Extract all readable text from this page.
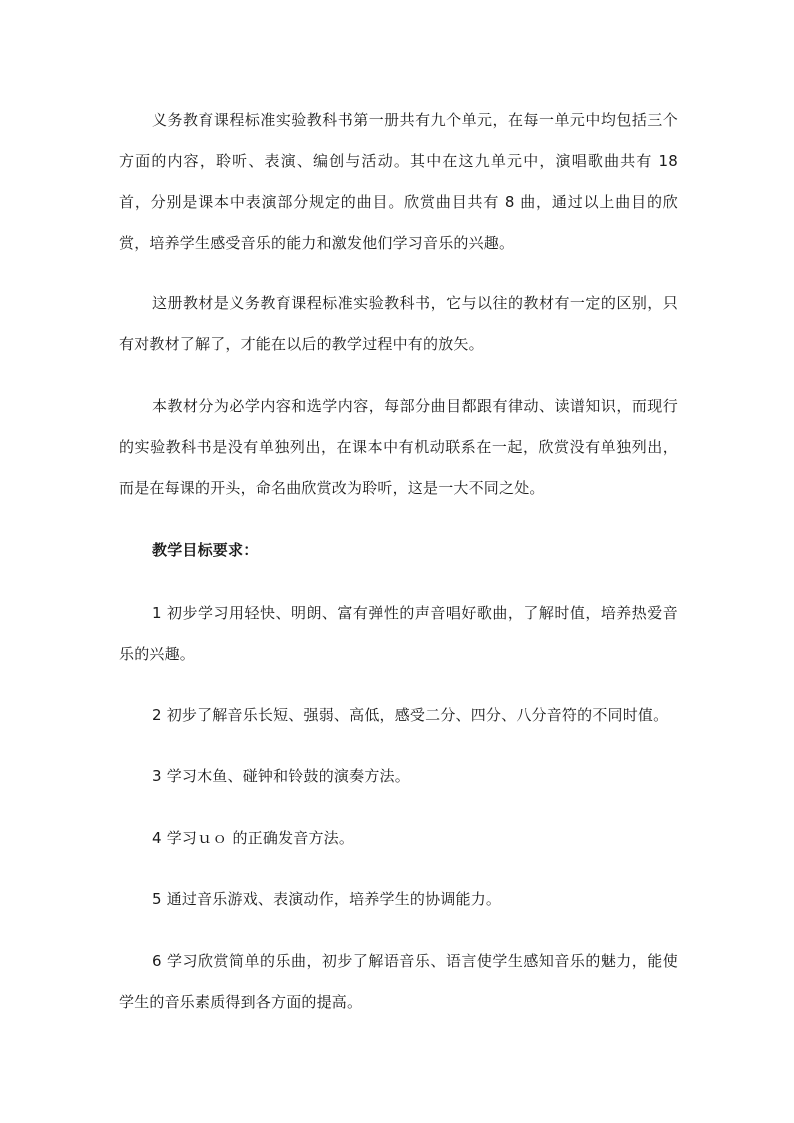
义务教育课程标准实验教科书第一册共有九个单元，在每一单元中均包括三个方面的内容，聆听、表演、编创与活动。其中在这九单元中，演唱歌曲共有 18 首，分别是课本中表演部分规定的曲目。欣赏曲目共有 8 曲，通过以上曲目的欣赏，培养学生感受音乐的能力和激发他们学习音乐的兴趣。

这册教材是义务教育课程标准实验教科书，它与以往的教材有一定的区别，只有对教材了解了，才能在以后的教学过程中有的放矢。

本教材分为必学内容和选学内容，每部分曲目都跟有律动、读谱知识，而现行的实验教科书是没有单独列出，在课本中有机动联系在一起，欣赏没有单独列出，而是在每课的开头，命名曲欣赏改为聆听，这是一大不同之处。

教学目标要求：

1 初步学习用轻快、明朗、富有弹性的声音唱好歌曲，了解时值，培养热爱音乐的兴趣。

2 初步了解音乐长短、强弱、高低，感受二分、四分、八分音符的不同时值。

3 学习木鱼、碰钟和铃鼓的演奏方法。

4 学习ｕｏ 的正确发音方法。

5 通过音乐游戏、表演动作，培养学生的协调能力。

6 学习欣赏简单的乐曲，初步了解语音乐、语言使学生感知音乐的魅力，能使学生的音乐素质得到各方面的提高。
